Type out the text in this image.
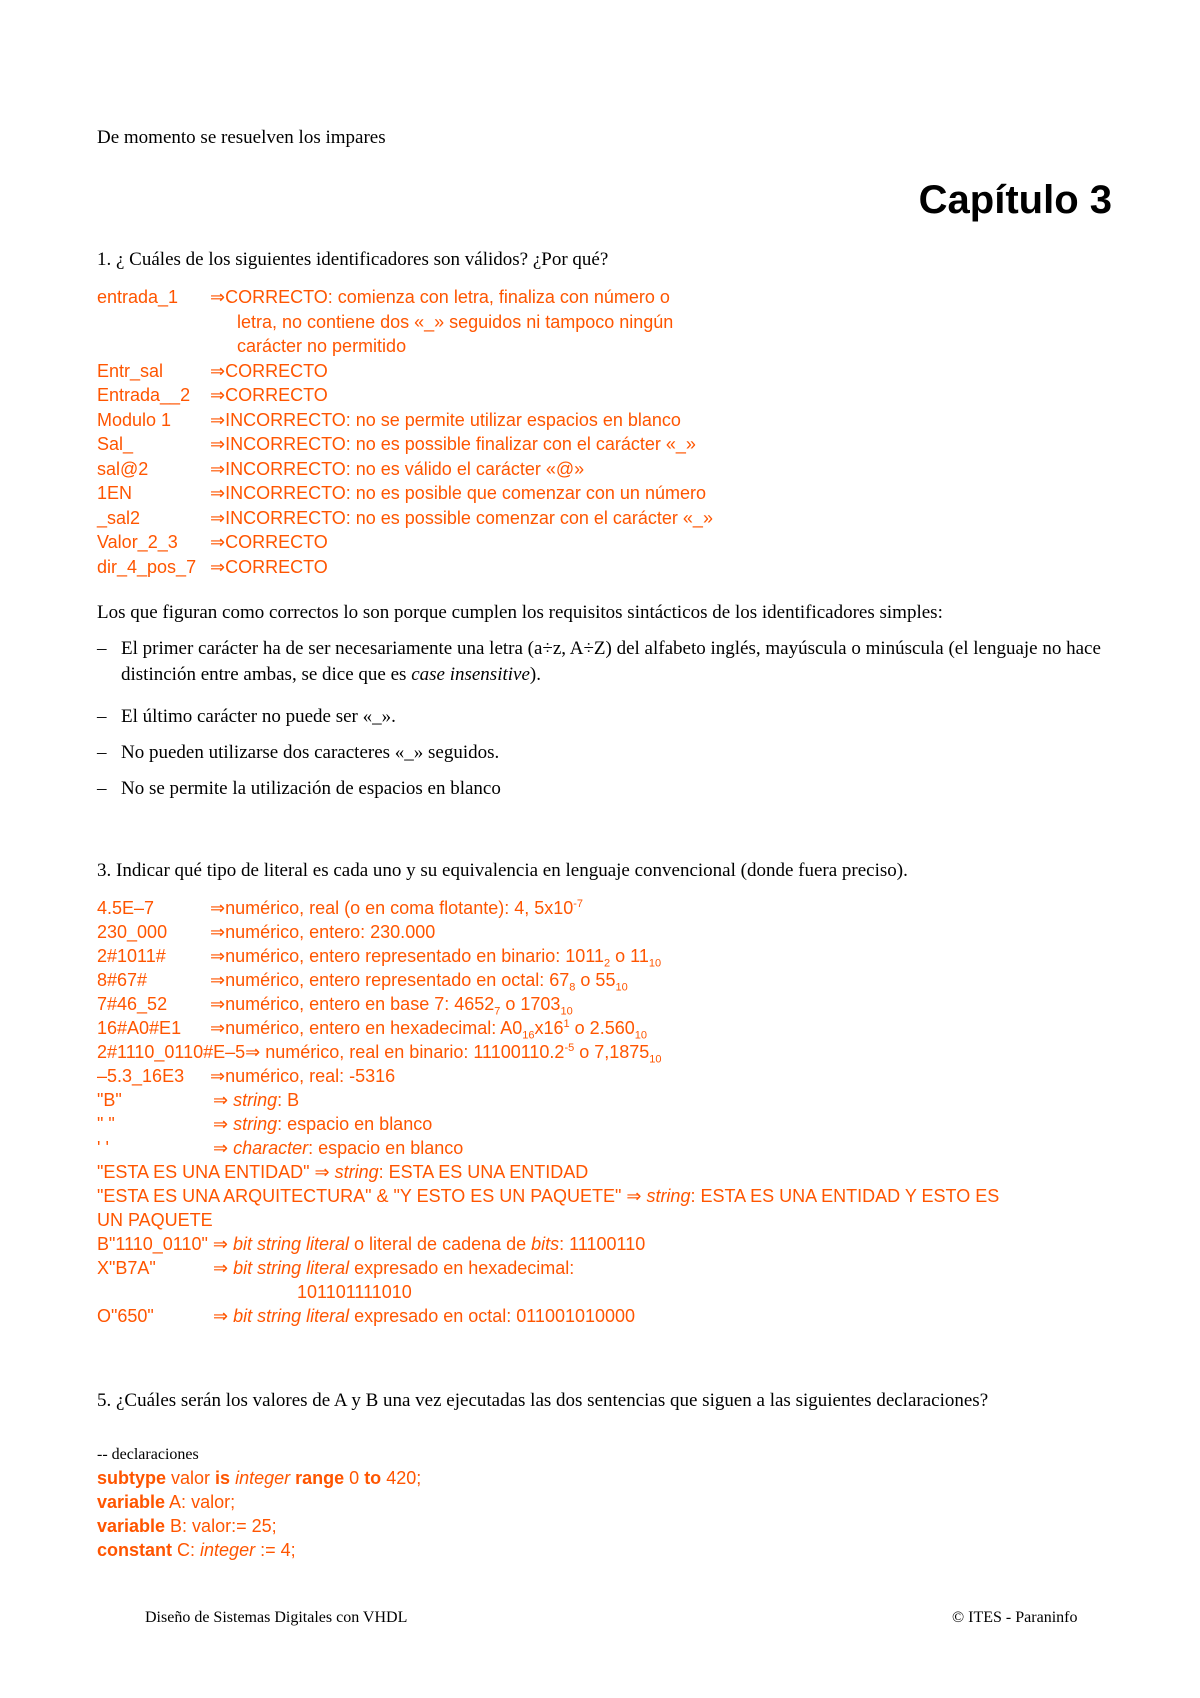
De momento se resuelven los impares
Capítulo 3
1. ¿ Cuáles de los siguientes identificadores son válidos? ¿Por qué?
entrada_1 ⇒CORRECTO: comienza con letra, finaliza con número o
letra, no contiene dos «_» seguidos ni tampoco ningún
carácter no permitido
Entr_sal	⇒CORRECTO
Entrada__2 ⇒CORRECTO
Modulo 1 ⇒INCORRECTO: no se permite utilizar espacios en blanco
Sal_	⇒INCORRECTO: no es possible finalizar con el carácter «_»
sal@2	⇒INCORRECTO: no es válido el carácter «@»
1EN	⇒INCORRECTO: no es posible que comenzar con un número
_sal2	⇒INCORRECTO: no es possible comenzar con el carácter «_»
Valor_2_3 ⇒CORRECTO
dir_4_pos_7 ⇒CORRECTO
Los que figuran como correctos lo son porque cumplen los requisitos sintácticos de los identificadores simples:
– El primer carácter ha de ser necesariamente una letra (a÷z, A÷Z) del alfabeto inglés, mayúscula o minúscula (el lenguaje no hace distinción entre ambas, se dice que es case insensitive).
– El último carácter no puede ser «_».
– No pueden utilizarse dos caracteres «_» seguidos.
– No se permite la utilización de espacios en blanco
3. Indicar qué tipo de literal es cada uno y su equivalencia en lenguaje convencional (donde fuera preciso).
4.5E–7	⇒numérico, real (o en coma flotante): 4, $5x10^{-7}$
230_000 ⇒numérico, entero: 230.000
2#1011# ⇒numérico, entero representado en binario: $1011_2$ o $11_{10}$
8#67#	⇒numérico, entero representado en octal: $67_8$ o $55_{10}$
7#46_52 ⇒numérico, entero en base 7: $4652_7$ o $1703_{10}$
16#A0#E1 ⇒numérico, entero en hexadecimal: $A0_{16}x16^1$ o $2.560_{10}$
2#1110_0110#E–5⇒ numérico, real en binario: $11100110.2^{-5}$ o $7,1875_{10}$
–5.3_16E3 ⇒numérico, real: -5316
"B"	⇒ string: B
" "	⇒ string: espacio en blanco
' '	⇒ character: espacio en blanco
"ESTA ES UNA ENTIDAD" ⇒ string: ESTA ES UNA ENTIDAD
"ESTA ES UNA ARQUITECTURA" & "Y ESTO ES UN PAQUETE" ⇒ string: ESTA ES UNA ENTIDAD Y ESTO ES
UN PAQUETE
B"1110_0110" ⇒ bit string literal o literal de cadena de bits: 11100110
X"B7A"	⇒ bit string literal expresado en hexadecimal:
101101111010
O"650"	⇒ bit string literal expresado en octal: 011001010000
5. ¿Cuáles serán los valores de A y B una vez ejecutadas las dos sentencias que siguen a las siguientes declaraciones?
-- declaraciones
subtype valor is integer range 0 to 420;
variable A: valor;
variable B: valor:= 25;
constant C: integer := 4;
Diseño de Sistemas Digitales con VHDL	© ITES - Paraninfo
